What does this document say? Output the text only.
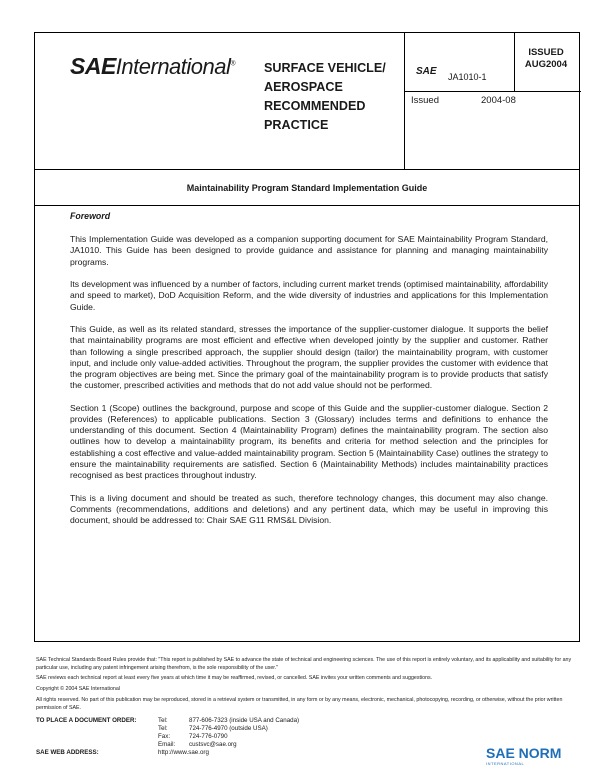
SAEInternational® SURFACE VEHICLE/
AEROSPACE
RECOMMENDED
PRACTICE
SAE JA1010-1
ISSUED
AUG2004
Issued	2004-08
Maintainability Program Standard Implementation Guide
Foreword

This Implementation Guide was developed as a companion supporting document for SAE Maintainability Program Standard, JA1010. This Guide has been designed to provide guidance and assistance for planning and managing maintainability programs.

Its development was influenced by a number of factors, including current market trends (optimised maintainability, affordability and speed to market), DoD Acquisition Reform, and the wide diversity of industries and applications for this Implementation Guide.

This Guide, as well as its related standard, stresses the importance of the supplier-customer dialogue. It supports the belief that maintainability programs are most efficient and effective when developed jointly by the supplier and customer. Rather than following a single prescribed approach, the supplier should design (tailor) the maintainability program, with customer input, and include only value-added activities. Throughout the program, the supplier provides the customer with evidence that the program objectives are being met. Since the primary goal of the maintainability program is to provide products that satisfy the customer, prescribed activities and methods that do not add value should not be performed.

Section 1 (Scope) outlines the background, purpose and scope of this Guide and the supplier-customer dialogue. Section 2 provides (References) to applicable publications. Section 3 (Glossary) includes terms and definitions to enhance the understanding of this document. Section 4 (Maintainability Program) defines the maintainability program. The section also outlines how to develop a maintainability program, its benefits and criteria for method selection and the principles for establishing a cost effective and value-added maintainability program. Section 5 (Maintainability Case) outlines the strategy to ensure the maintainability requirements are satisfied. Section 6 (Maintainability Methods) includes maintainability practices recognised as best practices throughout industry.

This is a living document and should be treated as such, therefore technology changes, this document may also change. Comments (recommendations, additions and deletions) and any pertinent data, which may be useful in improving this document, should be addressed to: Chair SAE G11 RMS&L Division.

SAE Technical Standards Board Rules provide that: "This report is published by SAE to advance the state of technical and engineering sciences. The use of this report is entirely voluntary, and its applicability and suitability for any particular use, including any patent infringement arising therefrom, is the sole responsibility of the user."

SAE reviews each technical report at least every five years at which time it may be reaffirmed, revised, or cancelled. SAE invites your written comments and suggestions.

Copyright © 2004 SAE International

All rights reserved. No part of this publication may be reproduced, stored in a retrieval system or transmitted, in any form or by any means, electronic, mechanical, photocopying, recording, or otherwise, without the prior written permission of SAE.

TO PLACE A DOCUMENT ORDER:	Tel:	877-606-7323 (inside USA and Canada)
Tel:	724-776-4970 (outside USA)
Fax:	724-776-0790
Email: custsvc@sae.org
SAE WEB ADDRESS:	http://www.sae.org	SAE NORM
INTERNATIONAL
